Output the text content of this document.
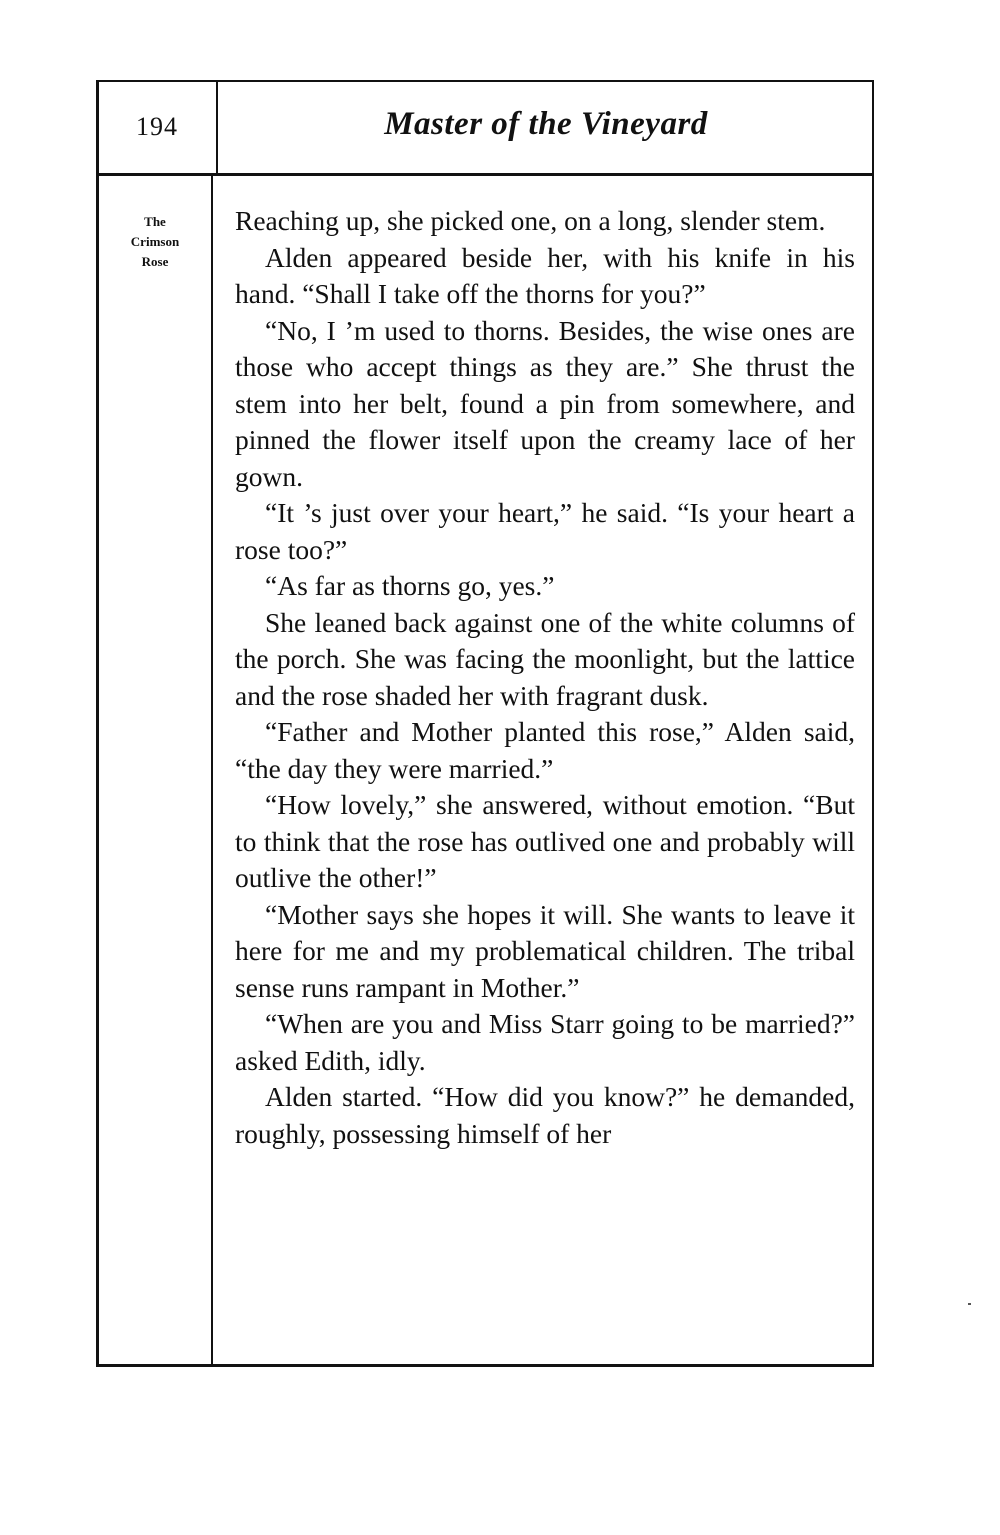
194	Master of the Vineyard
The
Crimson
Rose

Reaching up, she picked one, on a long, slender stem.

Alden appeared beside her, with his knife in his hand. “Shall I take off the thorns for you?”

“No, I ’m used to thorns. Besides, the wise ones are those who accept things as they are.” She thrust the stem into her belt, found a pin from somewhere, and pinned the flower itself upon the creamy lace of her gown.

“It ’s just over your heart,” he said. “Is your heart a rose too?”

“As far as thorns go, yes.”

She leaned back against one of the white columns of the porch. She was facing the moonlight, but the lattice and the rose shaded her with fragrant dusk.

“Father and Mother planted this rose,” Alden said, “the day they were married.”

“How lovely,” she answered, without emotion. “But to think that the rose has outlived one and probably will outlive the other!”

“Mother says she hopes it will. She wants to leave it here for me and my problematical children. The tribal sense runs rampant in Mother.”

“When are you and Miss Starr going to be married?” asked Edith, idly.

Alden started. “How did you know?” he demanded, roughly, possessing himself of her
